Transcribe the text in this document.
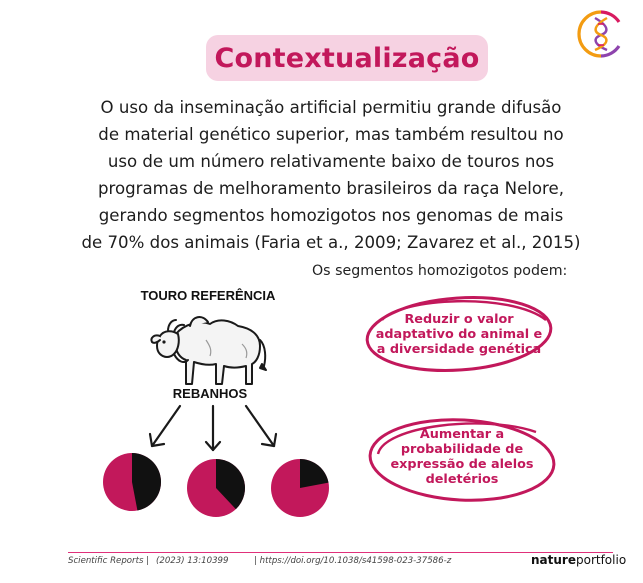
Contextualização
O uso da inseminação artificial permitiu grande difusão
de material genético superior, mas também resultou no
uso de um número relativamente baixo de touros nos
programas de melhoramento brasileiros da raça Nelore,
gerando segmentos homozigotos nos genomas de mais
de 70% dos animais (Faria et a., 2009; Zavarez et al., 2015)
Os segmentos homozigotos podem:
TOURO REFERÊNCIA
REBANHOS
Reduzir o valor
adaptativo do animal e
a diversidade genética
Aumentar a
probabilidade de
expressão de alelos
deletérios
Scientific Reports | (2023) 13:10399	| https://doi.org/10.1038/s41598-023-37586-z	natureportfolio
